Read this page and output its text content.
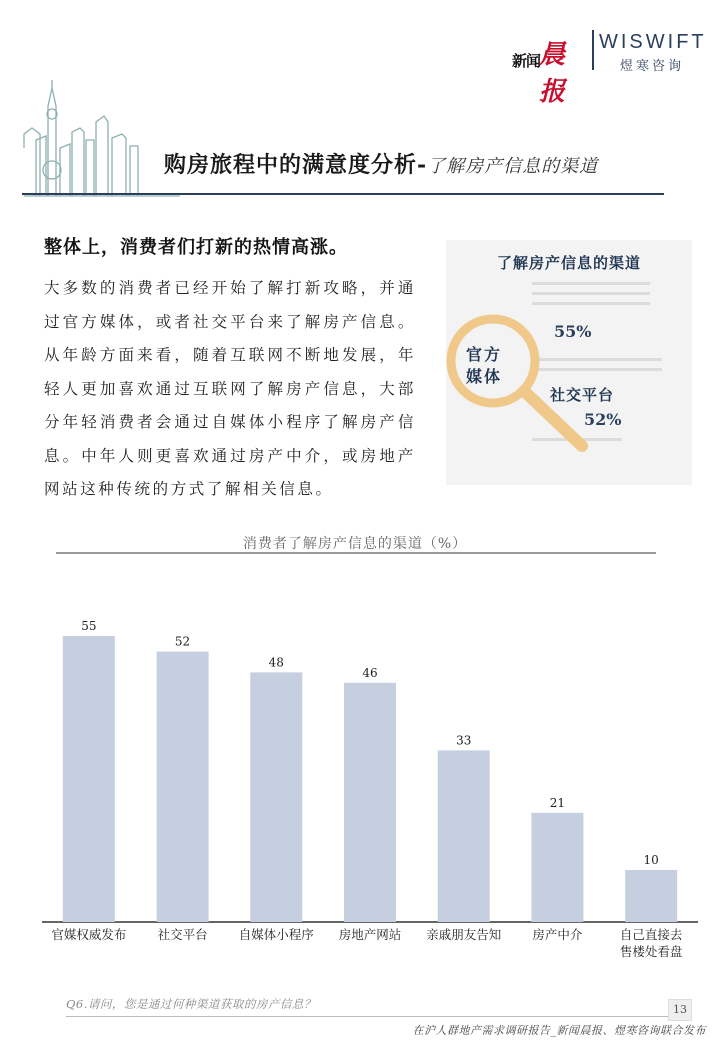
新闻
晨报
WISWIFT
煜寒咨询
购房旅程中的满意度分析-了解房产信息的渠道
整体上，消费者们打新的热情高涨。
大多数的消费者已经开始了解打新攻略，并通过官方媒体，或者社交平台来了解房产信息。从年龄方面来看，随着互联网不断地发展，年轻人更加喜欢通过互联网了解房产信息，大部分年轻消费者会通过自媒体小程序了解房产信息。中年人则更喜欢通过房产中介，或房地产网站这种传统的方式了解相关信息。
了解房产信息的渠道
官方媒体
55%
社交平台
52%
消费者了解房产信息的渠道（%）
55
官媒权威发布
52
社交平台
48
自媒体小程序
46
房地产网站
33
亲戚朋友告知
21
房产中介
10
自己直接去
售楼处看盘
Q6.请问，您是通过何种渠道获取的房产信息？	13
在沪人群地产需求调研报告_新闻晨报、煜寒咨询联合发布
